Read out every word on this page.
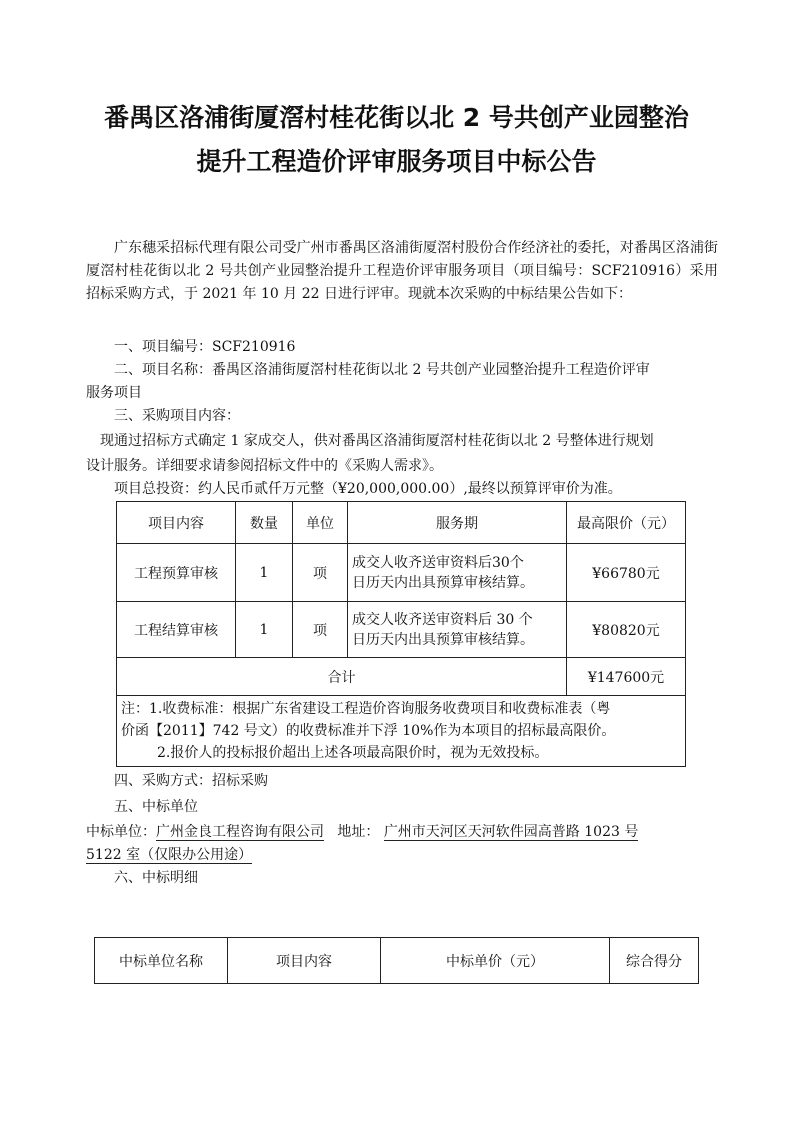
番禺区洛浦街厦滘村桂花街以北 2 号共创产业园整治
提升工程造价评审服务项目中标公告
广东穗采招标代理有限公司受广州市番禺区洛浦街厦滘村股份合作经济社的委托，对番禺区洛浦街厦滘村桂花街以北 2 号共创产业园整治提升工程造价评审服务项目（项目编号：SCF210916）采用招标采购方式，于 2021 年 10 月 22 日进行评审。现就本次采购的中标结果公告如下：
一、项目编号：SCF210916
二、项目名称：番禺区洛浦街厦滘村桂花街以北 2 号共创产业园整治提升工程造价评审
服务项目
三、采购项目内容：
现通过招标方式确定 1 家成交人，供对番禺区洛浦街厦滘村桂花街以北 2 号整体进行规划
设计服务。详细要求请参阅招标文件中的《采购人需求》。
项目总投资：约人民币贰仟万元整（¥20,000,000.00）,最终以预算评审价为准。
项目内容	数量	单位	服务期	最高限价（元）
工程预算审核	1	项	成交人收齐送审资料后30个
日历天内出具预算审核结算。	¥66780元
工程结算审核	1	项	成交人收齐送审资料后 30 个
日历天内出具预算审核结算。	¥80820元
合计				¥147600元
注：1.收费标准：根据广东省建设工程造价咨询服务收费项目和收费标准表（粤
价函【2011】742 号文）的收费标准并下浮 10%作为本项目的招标最高限价。

2.报价人的投标报价超出上述各项最高限价时，视为无效投标。				
四、采购方式：招标采购
五、中标单位
中标单位：广州金良工程咨询有限公司 地址： 广州市天河区天河软件园高普路 1023 号
5122 室（仅限办公用途）
六、中标明细
中标单位名称	项目内容	中标单价（元）	综合得分
